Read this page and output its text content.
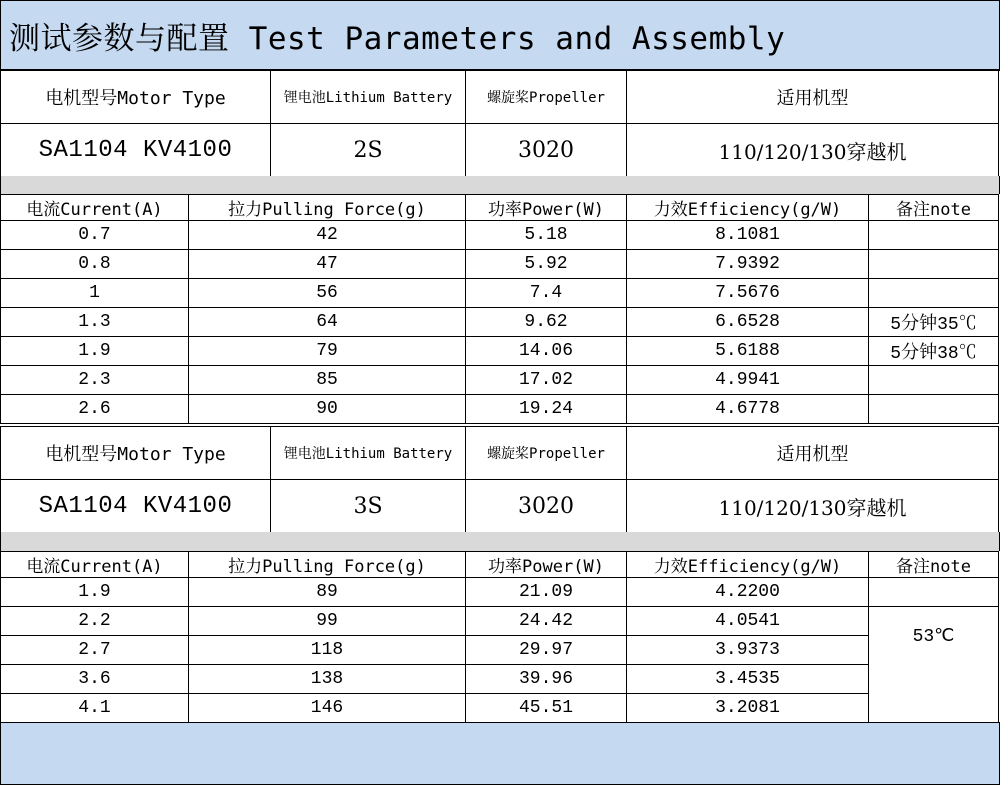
测试参数与配置 Test Parameters and Assembly
电机型号Motor Type	锂电池Lithium Battery	螺旋桨Propeller	适用机型
SA1104 KV4100	2S	3020	110/120/130穿越机
电流Current(A)	拉力Pulling Force(g)	功率Power(W)	力效Efficiency(g/W)	备注note
0.7	42	5.18	8.1081	
0.8	47	5.92	7.9392	
1	56	7.4	7.5676	
1.3	64	9.62	6.6528	5分钟35℃
1.9	79	14.06	5.6188	5分钟38℃
2.3	85	17.02	4.9941	
2.6	90	19.24	4.6778	
电机型号Motor Type	锂电池Lithium Battery	螺旋桨Propeller	适用机型
SA1104 KV4100	3S	3020	110/120/130穿越机
电流Current(A)	拉力Pulling Force(g)	功率Power(W)	力效Efficiency(g/W)	备注note
1.9	89	21.09	4.2200	
2.2	99	24.42	4.0541	53℃
2.7	118	29.97	3.9373	
3.6	138	39.96	3.4535	
4.1	146	45.51	3.2081	
